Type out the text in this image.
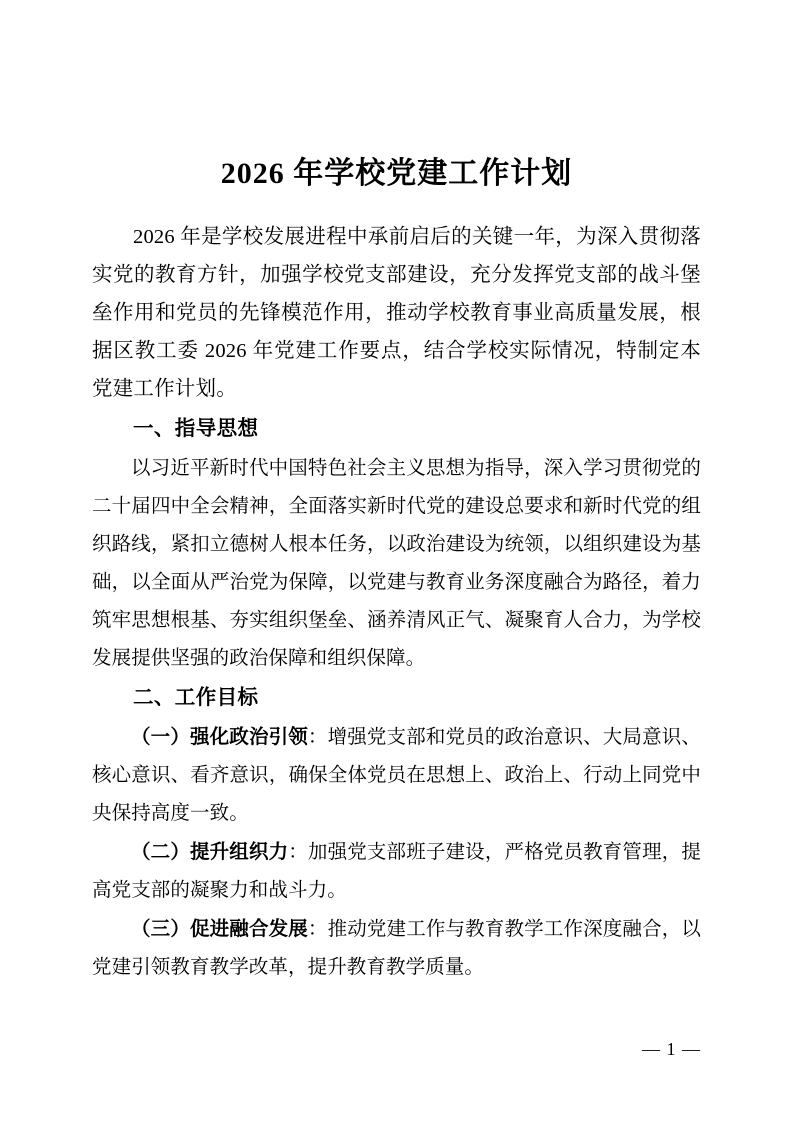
2026 年学校党建工作计划

2026 年是学校发展进程中承前启后的关键一年，为深入贯彻落实党的教育方针，加强学校党支部建设，充分发挥党支部的战斗堡垒作用和党员的先锋模范作用，推动学校教育事业高质量发展，根据区教工委 2026 年党建工作要点，结合学校实际情况，特制定本党建工作计划。

一、指导思想

以习近平新时代中国特色社会主义思想为指导，深入学习贯彻党的二十届四中全会精神，全面落实新时代党的建设总要求和新时代党的组织路线，紧扣立德树人根本任务，以政治建设为统领，以组织建设为基础，以全面从严治党为保障，以党建与教育业务深度融合为路径，着力筑牢思想根基、夯实组织堡垒、涵养清风正气、凝聚育人合力，为学校发展提供坚强的政治保障和组织保障。

二、工作目标

（一）强化政治引领：增强党支部和党员的政治意识、大局意识、核心意识、看齐意识，确保全体党员在思想上、政治上、行动上同党中央保持高度一致。

（二）提升组织力：加强党支部班子建设，严格党员教育管理，提高党支部的凝聚力和战斗力。

（三）促进融合发展：推动党建工作与教育教学工作深度融合，以党建引领教育教学改革，提升教育教学质量。

— 1 —
